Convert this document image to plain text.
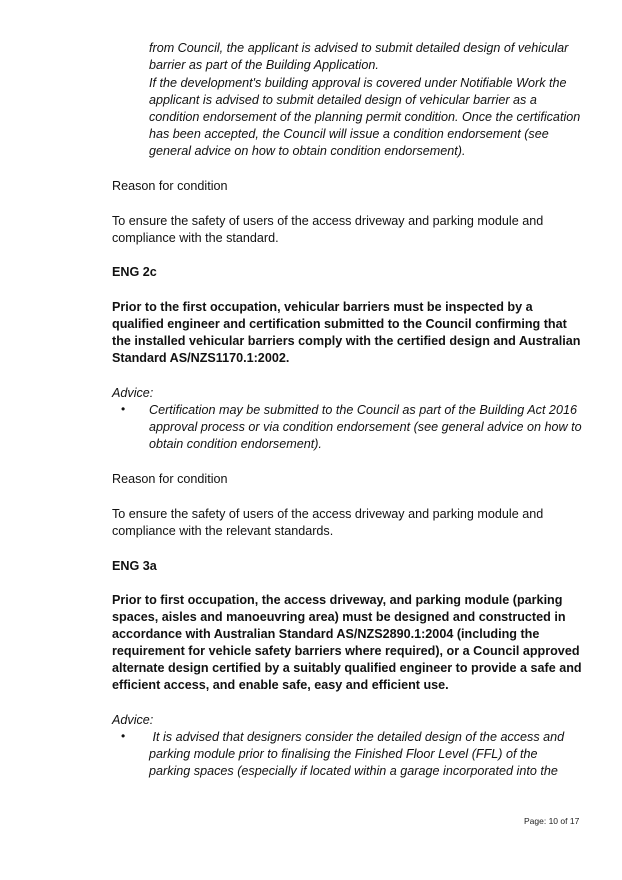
from Council, the applicant is advised to submit detailed design of vehicular

barrier as part of the Building Application.

If the development's building approval is covered under Notifiable Work the

applicant is advised to submit detailed design of vehicular barrier as a

condition endorsement of the planning permit condition. Once the certification

has been accepted, the Council will issue a condition endorsement (see

general advice on how to obtain condition endorsement).

Reason for condition

To ensure the safety of users of the access driveway and parking module and

compliance with the standard.

ENG 2c

Prior to the first occupation, vehicular barriers must be inspected by a

qualified engineer and certification submitted to the Council confirming that

the installed vehicular barriers comply with the certified design and Australian

Standard AS/NZS1170.1:2002.

Advice:

• Certification may be submitted to the Council as part of the Building Act 2016

approval process or via condition endorsement (see general advice on how to

obtain condition endorsement).

Reason for condition

To ensure the safety of users of the access driveway and parking module and

compliance with the relevant standards.

ENG 3a

Prior to first occupation, the access driveway, and parking module (parking

spaces, aisles and manoeuvring area) must be designed and constructed in

accordance with Australian Standard AS/NZS2890.1:2004 (including the

requirement for vehicle safety barriers where required), or a Council approved

alternate design certified by a suitably qualified engineer to provide a safe and

efficient access, and enable safe, easy and efficient use.

Advice:

• It is advised that designers consider the detailed design of the access and

parking module prior to finalising the Finished Floor Level (FFL) of the

parking spaces (especially if located within a garage incorporated into the

Page: 10 of 17
